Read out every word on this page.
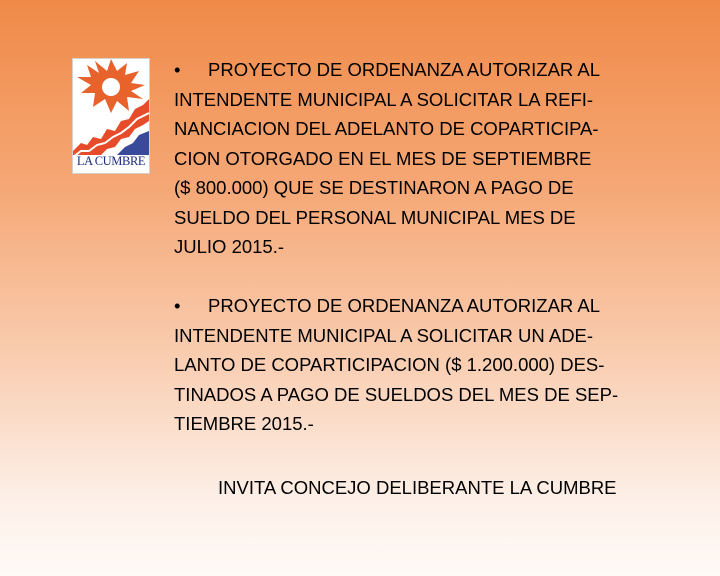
LA CUMBRE
• PROYECTO DE ORDENANZA AUTORIZAR AL
INTENDENTE MUNICIPAL A SOLICITAR LA REFI-
NANCIACION DEL ADELANTO DE COPARTICIPA-
CION OTORGADO EN EL MES DE SEPTIEMBRE
($ 800.000) QUE SE DESTINARON A PAGO DE
SUELDO DEL PERSONAL MUNICIPAL MES DE
JULIO 2015.-
• PROYECTO DE ORDENANZA AUTORIZAR AL
INTENDENTE MUNICIPAL A SOLICITAR UN ADE-
LANTO DE COPARTICIPACION ($ 1.200.000) DES-
TINADOS A PAGO DE SUELDOS DEL MES DE SEP-
TIEMBRE 2015.-
INVITA CONCEJO DELIBERANTE LA CUMBRE
